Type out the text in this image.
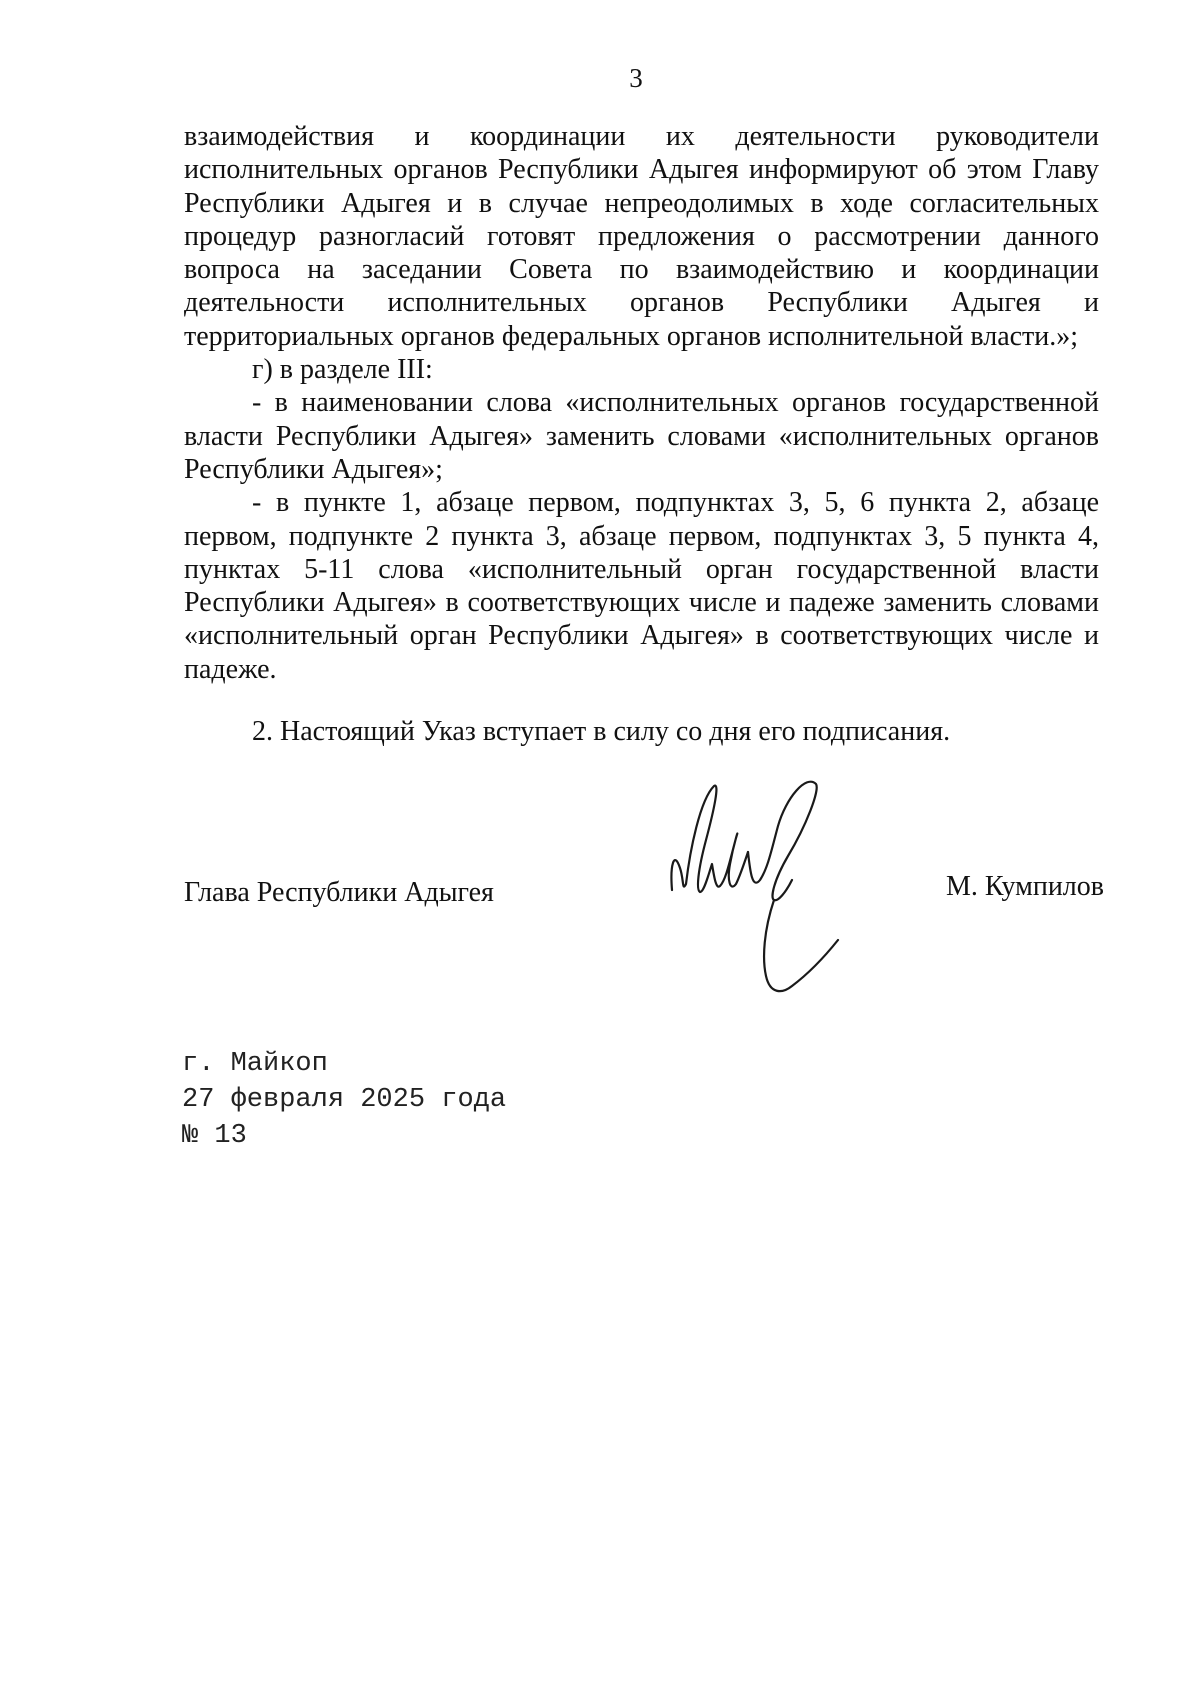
3

взаимодействия и координации их деятельности руководители исполнительных органов Республики Адыгея информируют об этом Главу Республики Адыгея и в случае непреодолимых в ходе согласительных процедур разногласий готовят предложения о рассмотрении данного вопроса на заседании Совета по взаимодействию и координации деятельности исполнительных органов Республики Адыгея и территориальных органов федеральных органов исполнительной власти.»;

г) в разделе III:

- в наименовании слова «исполнительных органов государственной власти Республики Адыгея» заменить словами «исполнительных органов Республики Адыгея»;

- в пункте 1, абзаце первом, подпунктах 3, 5, 6 пункта 2, абзаце первом, подпункте 2 пункта 3, абзаце первом, подпунктах 3, 5 пункта 4, пунктах 5-11 слова «исполнительный орган государственной власти Республики Адыгея» в соответствующих числе и падеже заменить словами «исполнительный орган Республики Адыгея» в соответствующих числе и падеже.

2. Настоящий Указ вступает в силу со дня его подписания.

Глава Республики Адыгея	М. Кумпилов
г. Майкоп
27 февраля 2025 года
№ 13
